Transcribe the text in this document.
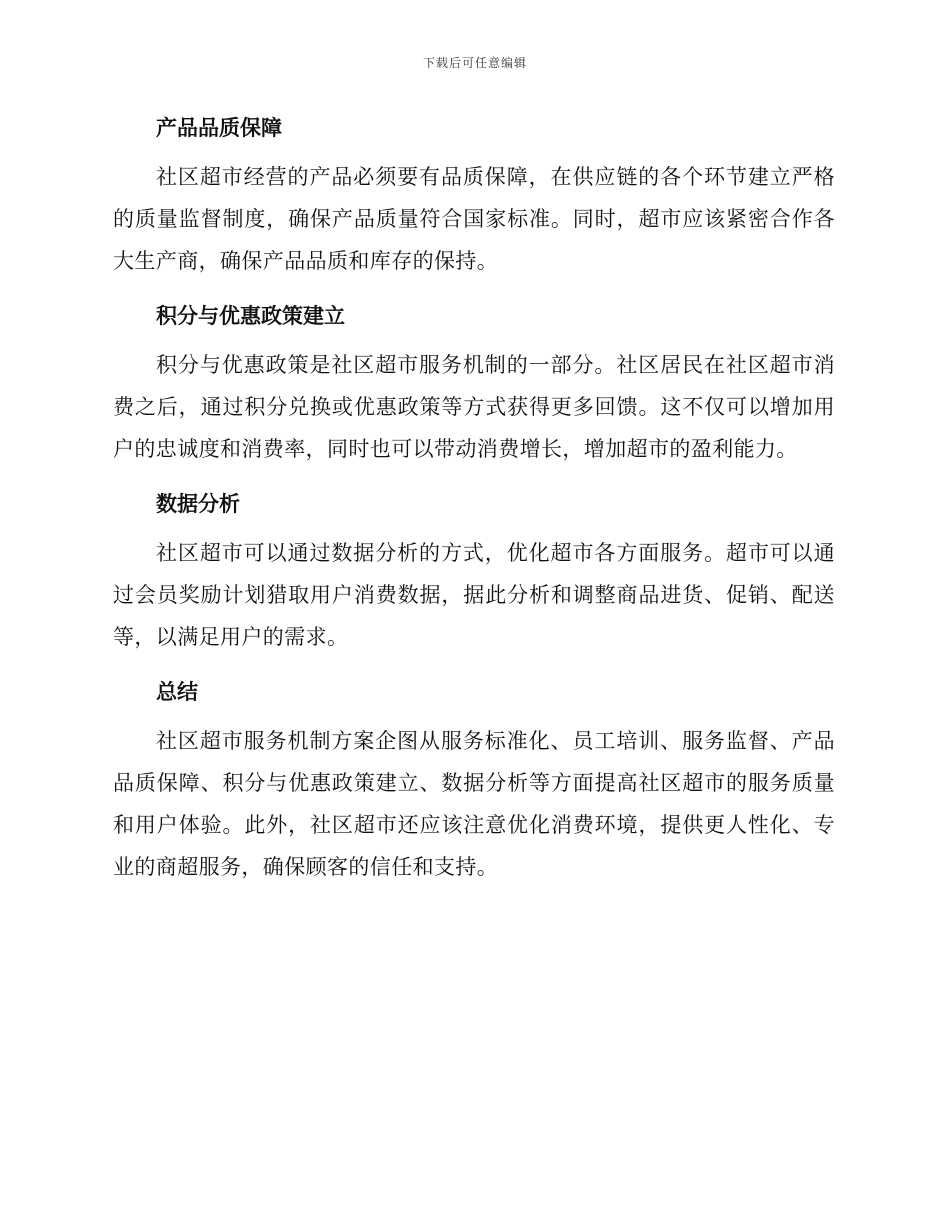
下载后可任意编辑
产品品质保障

社区超市经营的产品必须要有品质保障，在供应链的各个环节建立严格的质量监督制度，确保产品质量符合国家标准。同时，超市应该紧密合作各大生产商，确保产品品质和库存的保持。

积分与优惠政策建立

积分与优惠政策是社区超市服务机制的一部分。社区居民在社区超市消费之后，通过积分兑换或优惠政策等方式获得更多回馈。这不仅可以增加用户的忠诚度和消费率，同时也可以带动消费增长，增加超市的盈利能力。

数据分析

社区超市可以通过数据分析的方式，优化超市各方面服务。超市可以通过会员奖励计划猎取用户消费数据，据此分析和调整商品进货、促销、配送等，以满足用户的需求。

总结

社区超市服务机制方案企图从服务标准化、员工培训、服务监督、产品品质保障、积分与优惠政策建立、数据分析等方面提高社区超市的服务质量和用户体验。此外，社区超市还应该注意优化消费环境，提供更人性化、专业的商超服务，确保顾客的信任和支持。
